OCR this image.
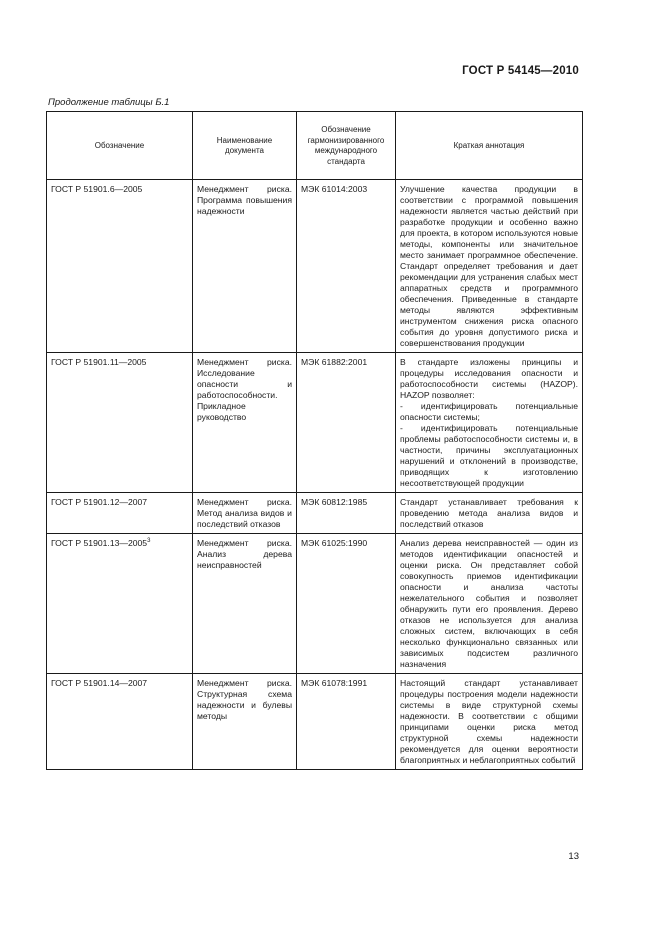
ГОСТ Р 54145—2010
Продолжение таблицы Б.1
Обозначение	Наименование документа	Обозначение гармонизированного международного стандарта	Краткая аннотация
ГОСТ Р 51901.6—2005	Менеджмент риска. Программа повышения надежности	МЭК 61014:2003	Улучшение качества продукции в соответствии с программой повышения надежности является частью действий при разработке продукции и особенно важно для проекта, в котором используются новые методы, компоненты или значительное место занимает программное обеспечение. Стандарт определяет требования и дает рекомендации для устранения слабых мест аппаратных средств и программного обеспечения. Приведенные в стандарте методы являются эффективным инструментом снижения риска опасного события до уровня допустимого риска и совершенствования продукции
ГОСТ Р 51901.11—2005	Менеджмент риска. Исследование опасности и работоспособности. Прикладное руководство	МЭК 61882:2001	В стандарте изложены принципы и процедуры исследования опасности и работоспособности системы (HAZOP). HAZOP позволяет:
- идентифицировать потенциальные опасности системы;
- идентифицировать потенциальные проблемы работоспособности системы и, в частности, причины эксплуатационных нарушений и отклонений в производстве, приводящих к изготовлению несоответствующей продукции
ГОСТ Р 51901.12—2007	Менеджмент риска. Метод анализа видов и последствий отказов	МЭК 60812:1985	Стандарт устанавливает требования к проведению метода анализа видов и последствий отказов
ГОСТ Р 51901.13—2005$^3$	Менеджмент риска. Анализ дерева неисправностей	МЭК 61025:1990	Анализ дерева неисправностей — один из методов идентификации опасностей и оценки риска. Он представляет собой совокупность приемов идентификации опасности и анализа частоты нежелательного события и позволяет обнаружить пути его проявления. Дерево отказов не используется для анализа сложных систем, включающих в себя несколько функционально связанных или зависимых подсистем различного назначения
ГОСТ Р 51901.14—2007	Менеджмент риска. Структурная схема надежности и булевы методы	МЭК 61078:1991	Настоящий стандарт устанавливает процедуры построения модели надежности системы в виде структурной схемы надежности. В соответствии с общими принципами оценки риска метод структурной схемы надежности рекомендуется для оценки вероятности благоприятных и неблагоприятных событий
13
